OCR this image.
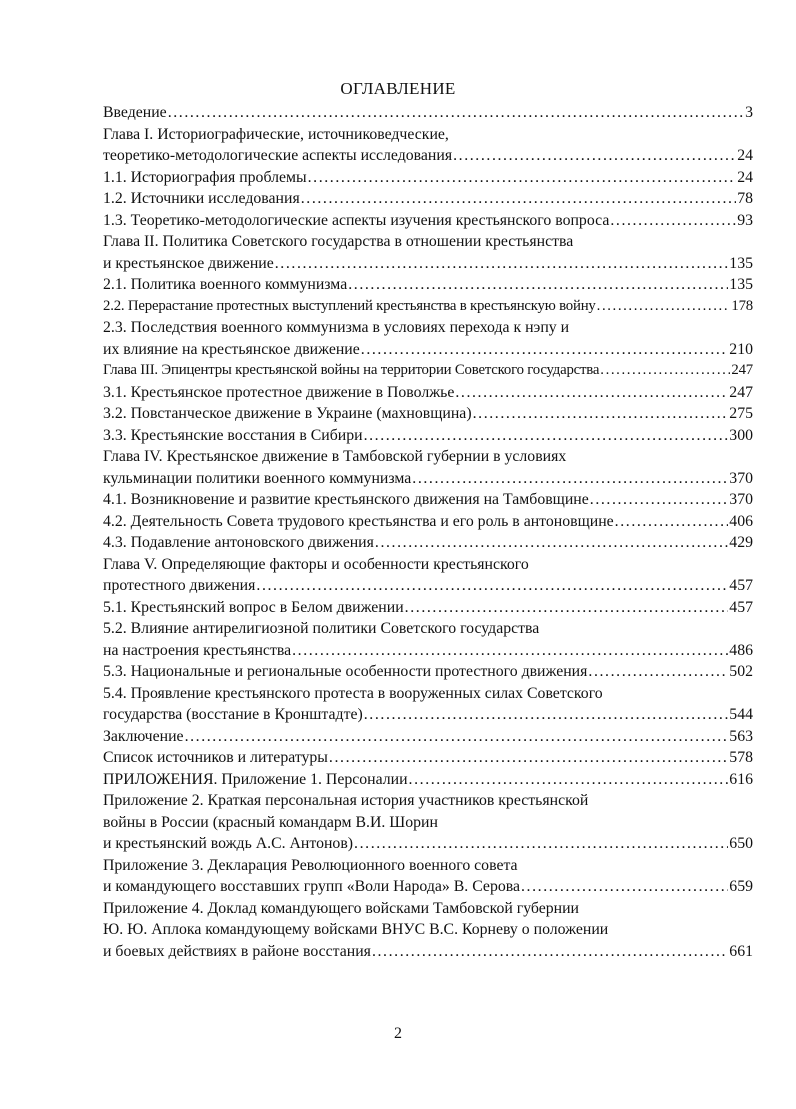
ОГЛАВЛЕНИЕ
Введение .....	3
Глава I. Историографические, источниковедческие,
теоретико-методологические аспекты исследования .....	24
1.1. Историография проблемы .....	24
1.2. Источники исследования .....	78
1.3. Теоретико-методологические аспекты изучения крестьянского вопроса .....	93
Глава II. Политика Советского государства в отношении крестьянства
и крестьянское движение .....	135
2.1. Политика военного коммунизма .....	135
2.2. Перерастание протестных выступлений крестьянства в крестьянскую войну .....	178
2.3. Последствия военного коммунизма в условиях перехода к нэпу и
их влияние на крестьянское движение .....	210
Глава III. Эпицентры крестьянской войны на территории Советского государства .....	247
3.1. Крестьянское протестное движение в Поволжье .....	247
3.2. Повстанческое движение в Украине (махновщина) .....	275
3.3. Крестьянские восстания в Сибири .....	300
Глава IV. Крестьянское движение в Тамбовской губернии в условиях
кульминации политики военного коммунизма .....	370
4.1. Возникновение и развитие крестьянского движения на Тамбовщине .....	370
4.2. Деятельность Совета трудового крестьянства и его роль в антоновщине .....	406
4.3. Подавление антоновского движения .....	429
Глава V. Определяющие факторы и особенности крестьянского
протестного движения .....	457
5.1. Крестьянский вопрос в Белом движении .....	457
5.2. Влияние антирелигиозной политики Советского государства
на настроения крестьянства .....	486
5.3. Национальные и региональные особенности протестного движения .....	502
5.4. Проявление крестьянского протеста в вооруженных силах Советского
государства (восстание в Кронштадте) .....	544
Заключение .....	563
Список источников и литературы .....	578
ПРИЛОЖЕНИЯ. Приложение 1. Персоналии .....	616
Приложение 2. Краткая персональная история участников крестьянской
войны в России (красный командарм В.И. Шорин
и крестьянский вождь А.С. Антонов) .....	650
Приложение 3. Декларация Революционного военного совета
и командующего восставших групп «Воли Народа» В. Серова .....	659
Приложение 4. Доклад командующего войсками Тамбовской губернии
Ю. Ю. Аплока командующему войсками ВНУС В.С. Корневу о положении
и боевых действиях в районе восстания .....	661
2
